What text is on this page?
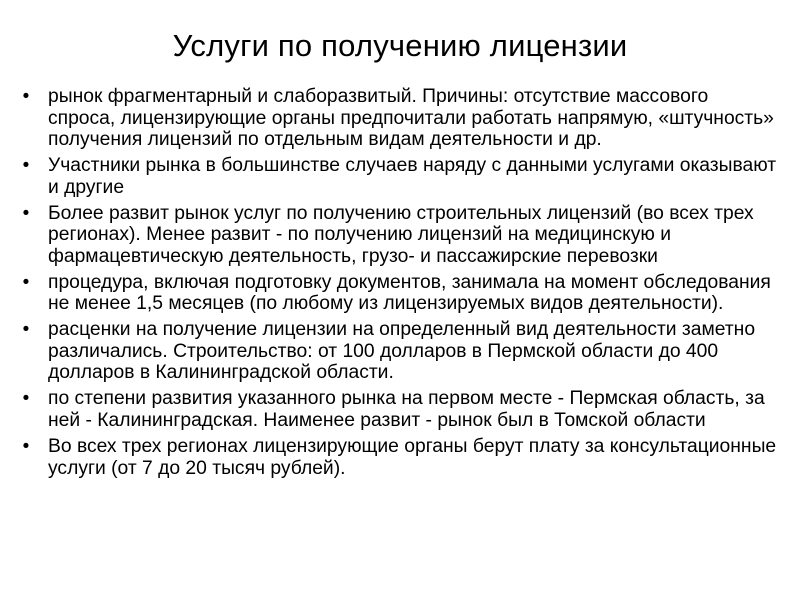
Услуги по получению лицензии
• рынок фрагментарный и слаборазвитый. Причины: отсутствие массового спроса, лицензирующие органы предпочитали работать напрямую, «штучность» получения лицензий по отдельным видам деятельности и др.
• Участники рынка в большинстве случаев наряду с данными услугами оказывают и другие
• Более развит рынок услуг по получению строительных лицензий (во всех трех регионах). Менее развит - по получению лицензий на медицинскую и фармацевтическую деятельность, грузо- и пассажирские перевозки
• процедура, включая подготовку документов, занимала на момент обследования не менее 1,5 месяцев (по любому из лицензируемых видов деятельности).
• расценки на получение лицензии на определенный вид деятельности заметно различались. Строительство: от 100 долларов в Пермской области до 400 долларов в Калининградской области.
• по степени развития указанного рынка на первом месте - Пермская область, за ней - Калининградская. Наименее развит - рынок был в Томской области
• Во всех трех регионах лицензирующие органы берут плату за консультационные услуги (от 7 до 20 тысяч рублей).
